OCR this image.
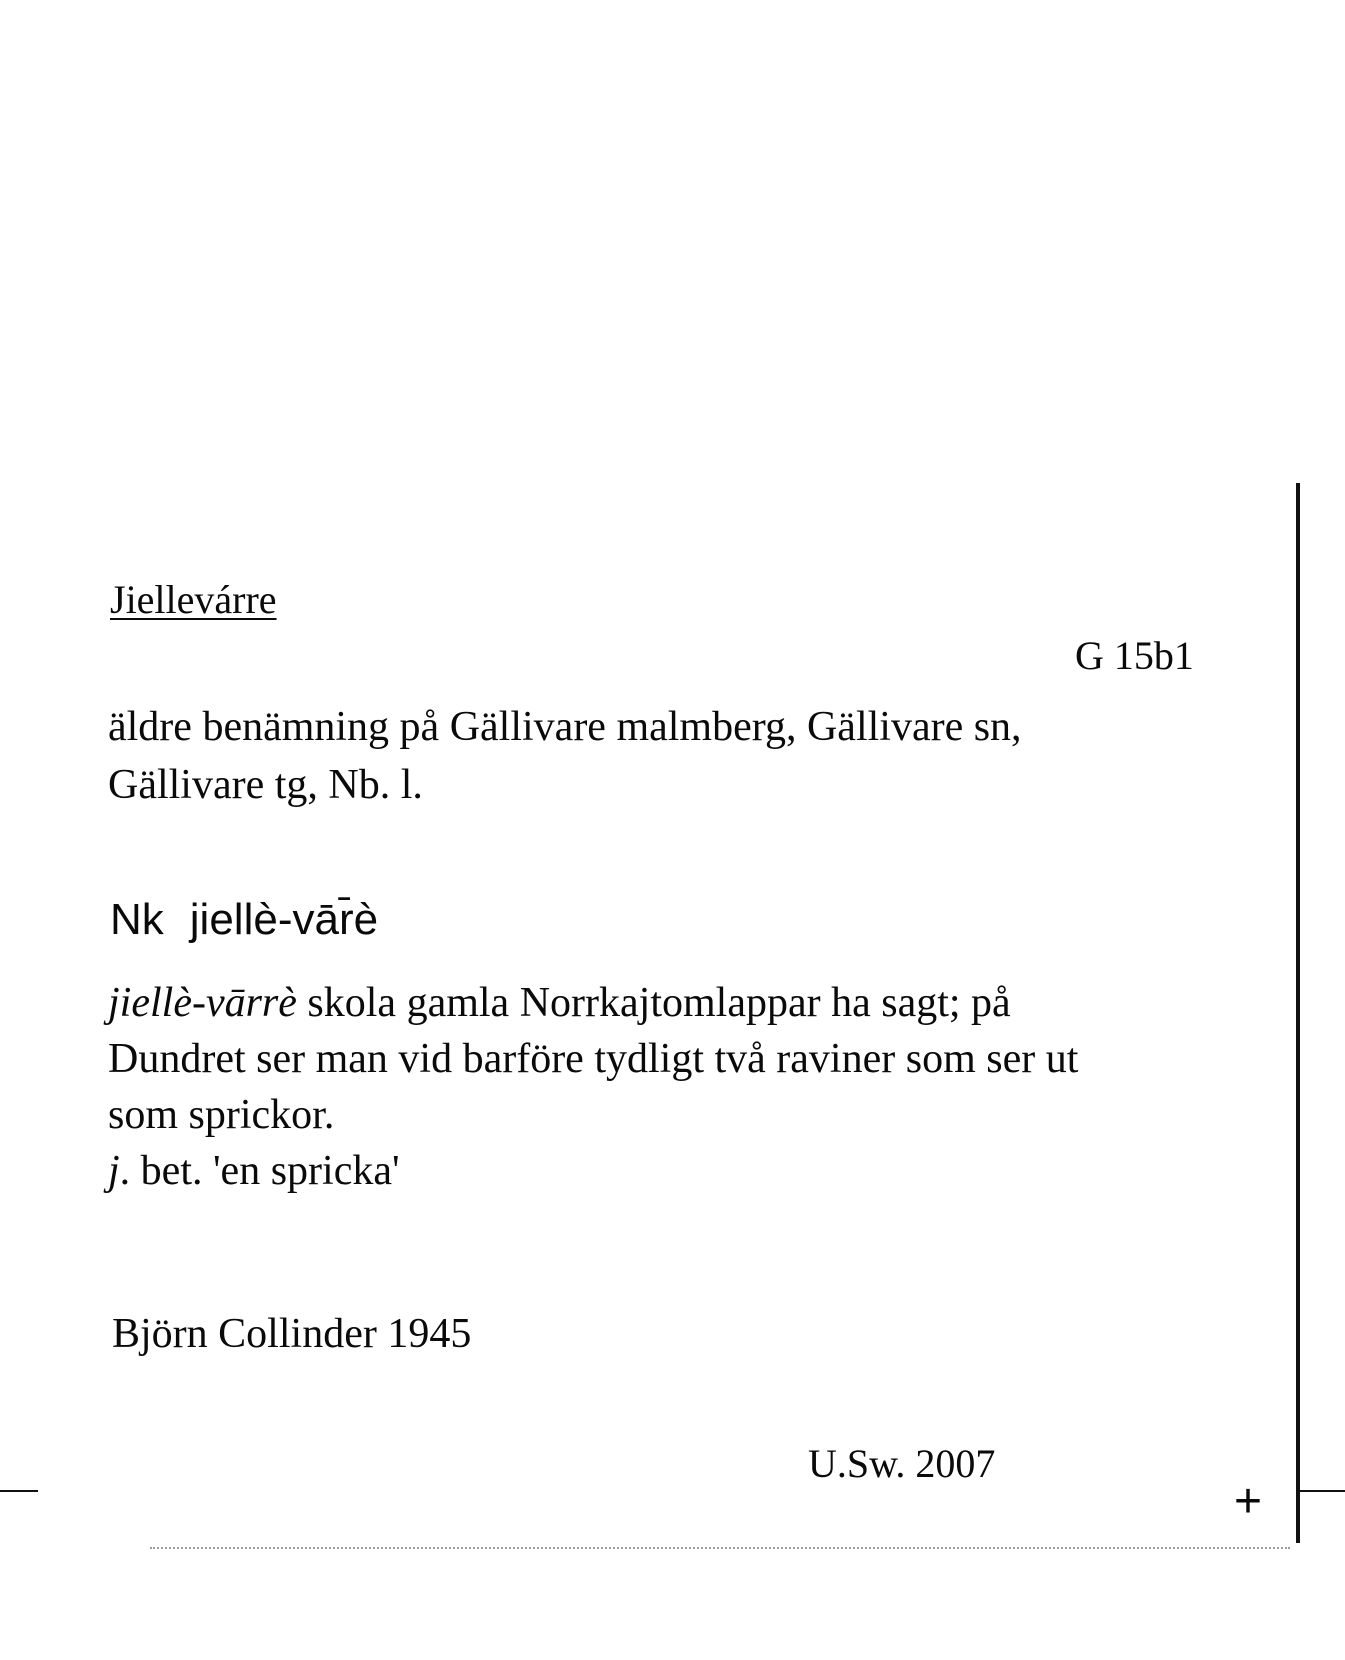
Jiellevárre
G 15b1
äldre benämning på Gällivare malmberg, Gällivare sn,
Gällivare tg, Nb. l.
Nk jiellè-vār̄è
jiellè-vārrè skola gamla Norrkajtomlappar ha sagt; på
Dundret ser man vid barföre tydligt två raviner som ser ut
som sprickor.
j. bet. 'en spricka'
Björn Collinder 1945
U.Sw. 2007
+
